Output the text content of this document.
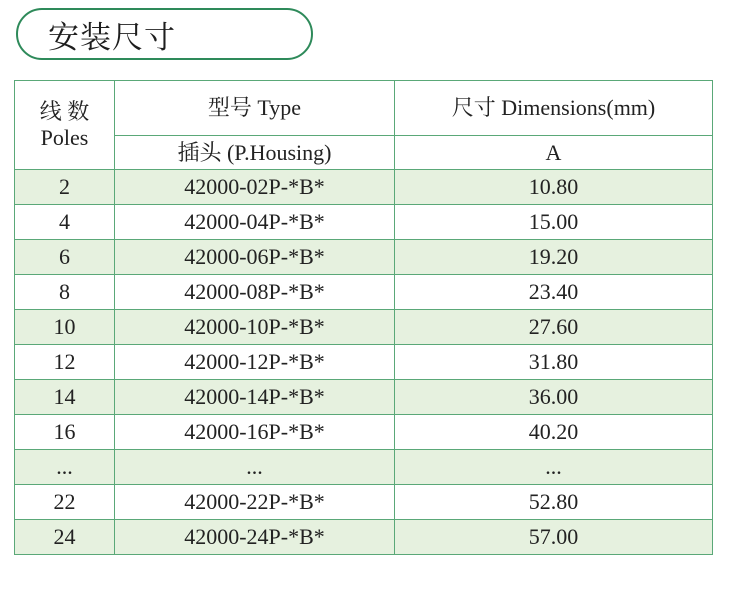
安装尺寸
线 数
Poles	型号 Type	尺寸 Dimensions(mm)
	插头 (P.Housing)	A
2	42000-02P-*B*	10.80
4	42000-04P-*B*	15.00
6	42000-06P-*B*	19.20
8	42000-08P-*B*	23.40
10	42000-10P-*B*	27.60
12	42000-12P-*B*	31.80
14	42000-14P-*B*	36.00
16	42000-16P-*B*	40.20
...	...	...
22	42000-22P-*B*	52.80
24	42000-24P-*B*	57.00
